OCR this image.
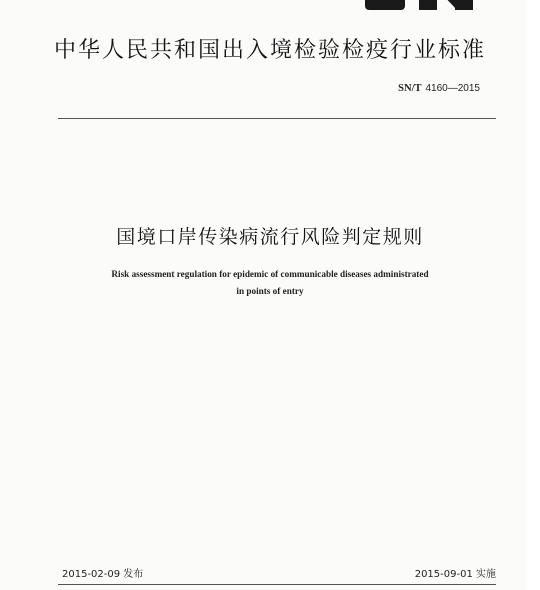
中华人民共和国出入境检验检疫行业标准
SN/T 4160—2015
国境口岸传染病流行风险判定规则
Risk assessment regulation for epidemic of communicable diseases administrated
in points of entry
2015-02-09 发布	2015-09-01 实施
